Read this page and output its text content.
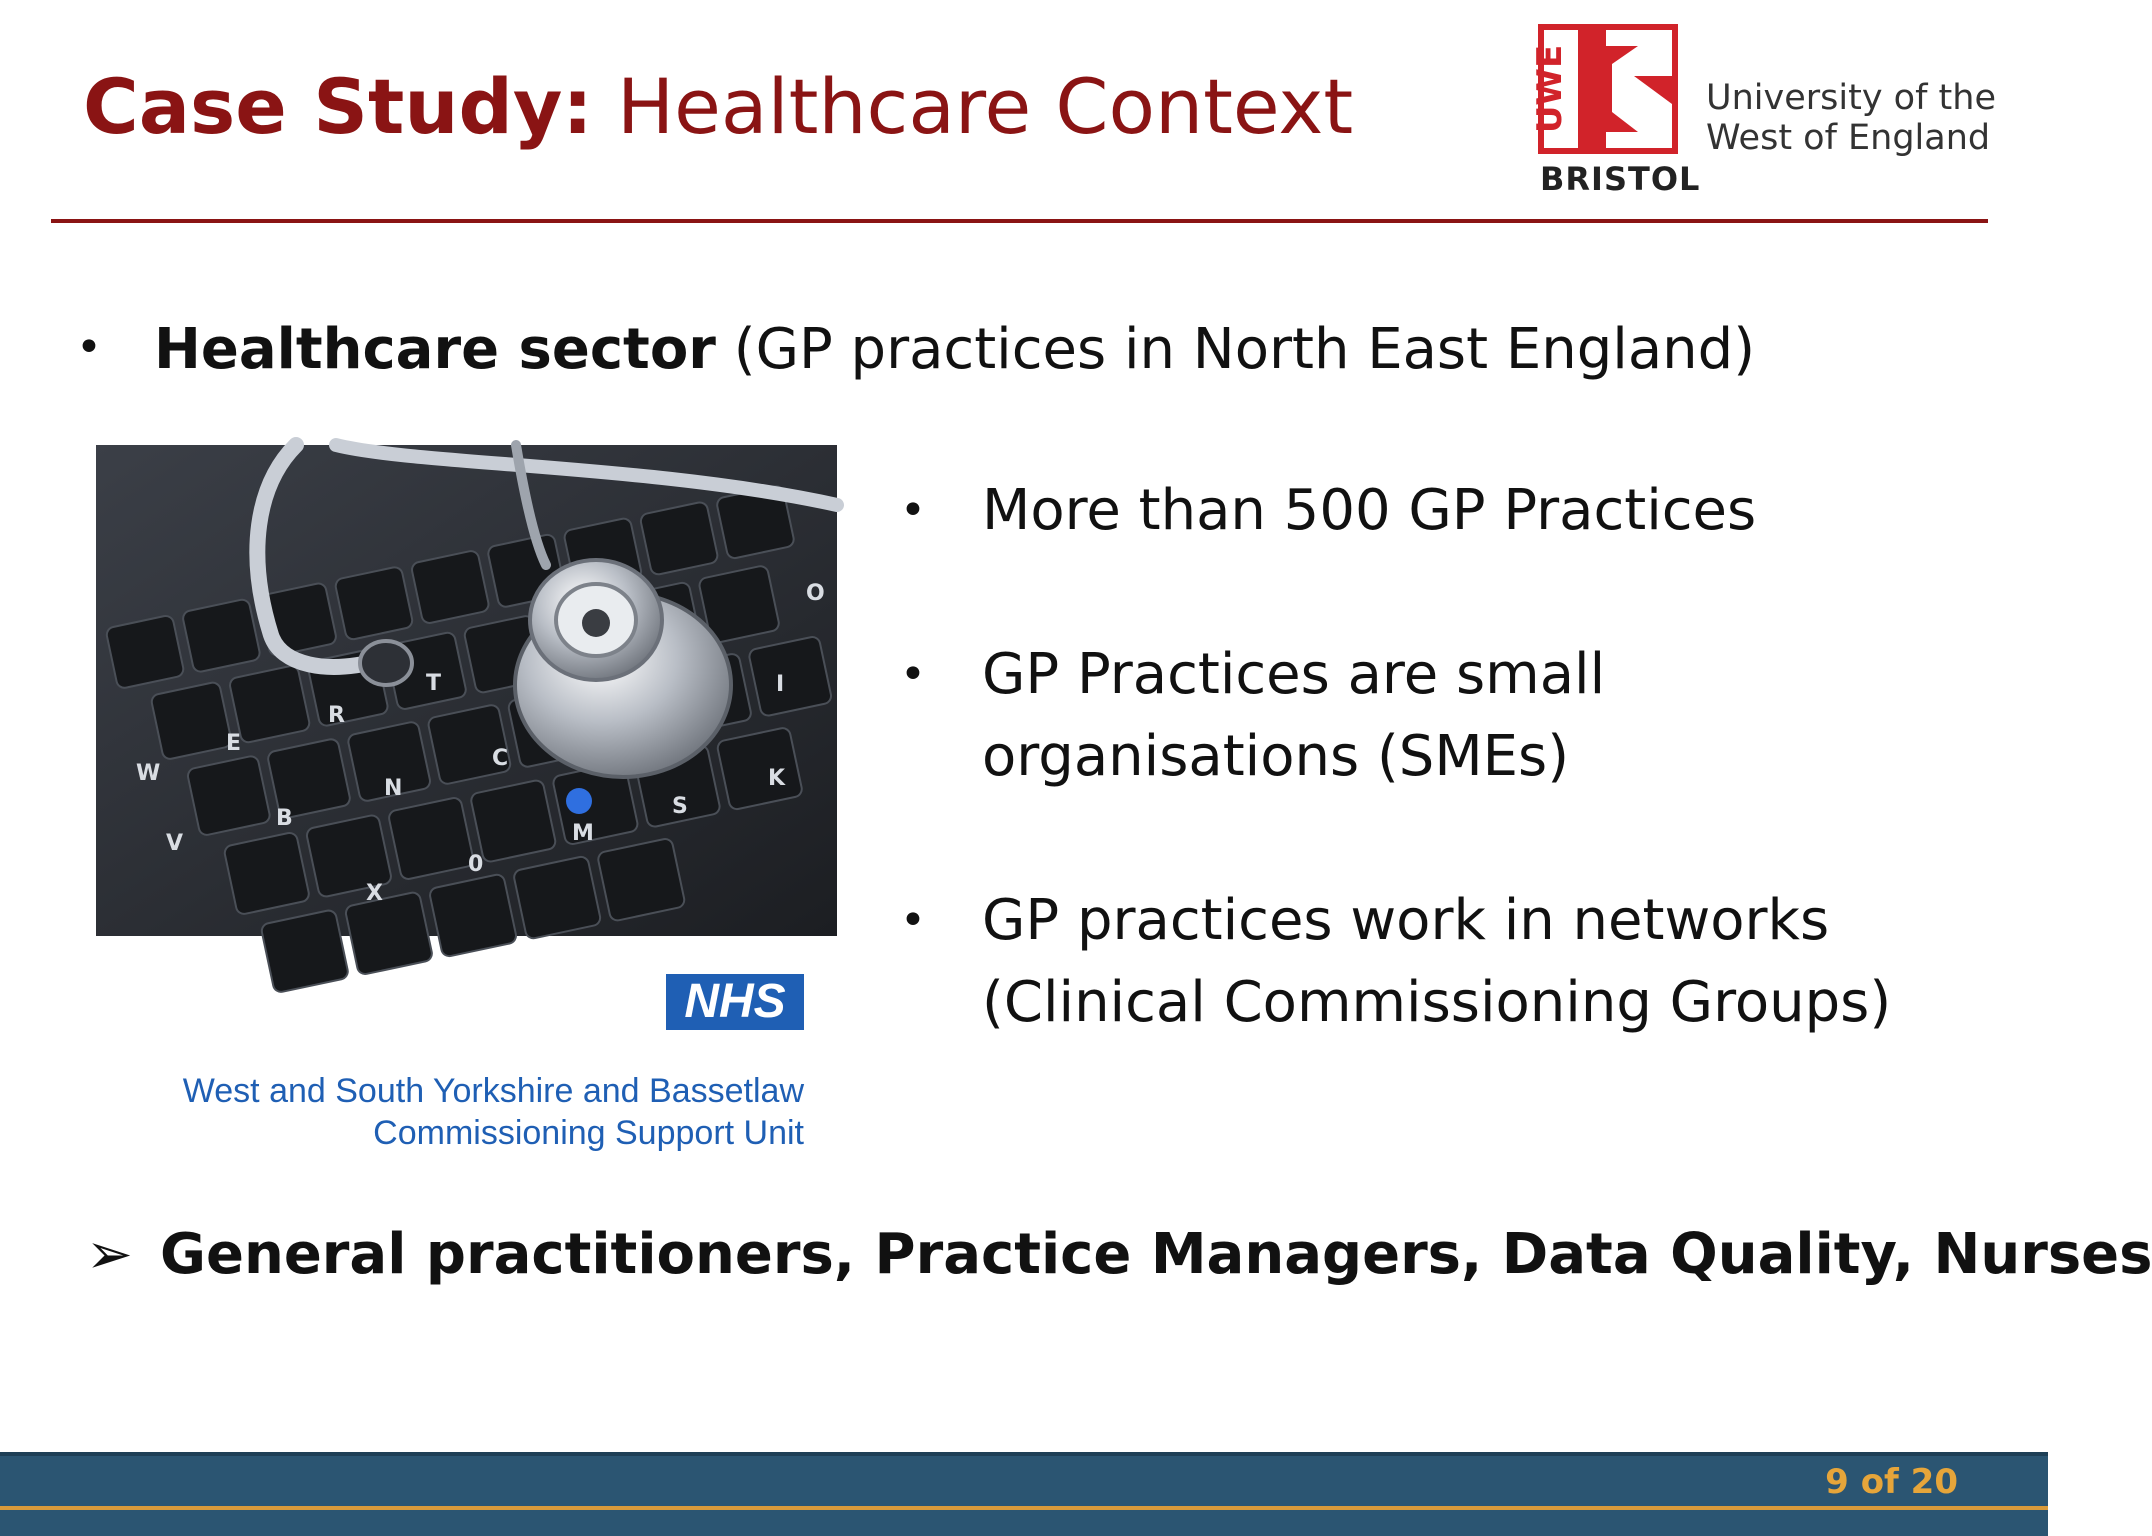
Case Study: Healthcare Context	UWE
BRISTOL
University of the
West of England
• Healthcare sector (GP practices in North East England)
W
E
R
T
V
B
N
C
X
0
M
S
K
I
O
NHS
West and South Yorkshire and Bassetlaw
Commissioning Support Unit
• More than 500 GP Practices
• GP Practices are small
organisations (SMEs)
• GP practices work in networks
(Clinical Commissioning Groups)
➢ General practitioners, Practice Managers, Data Quality, Nurses
9 of 20
